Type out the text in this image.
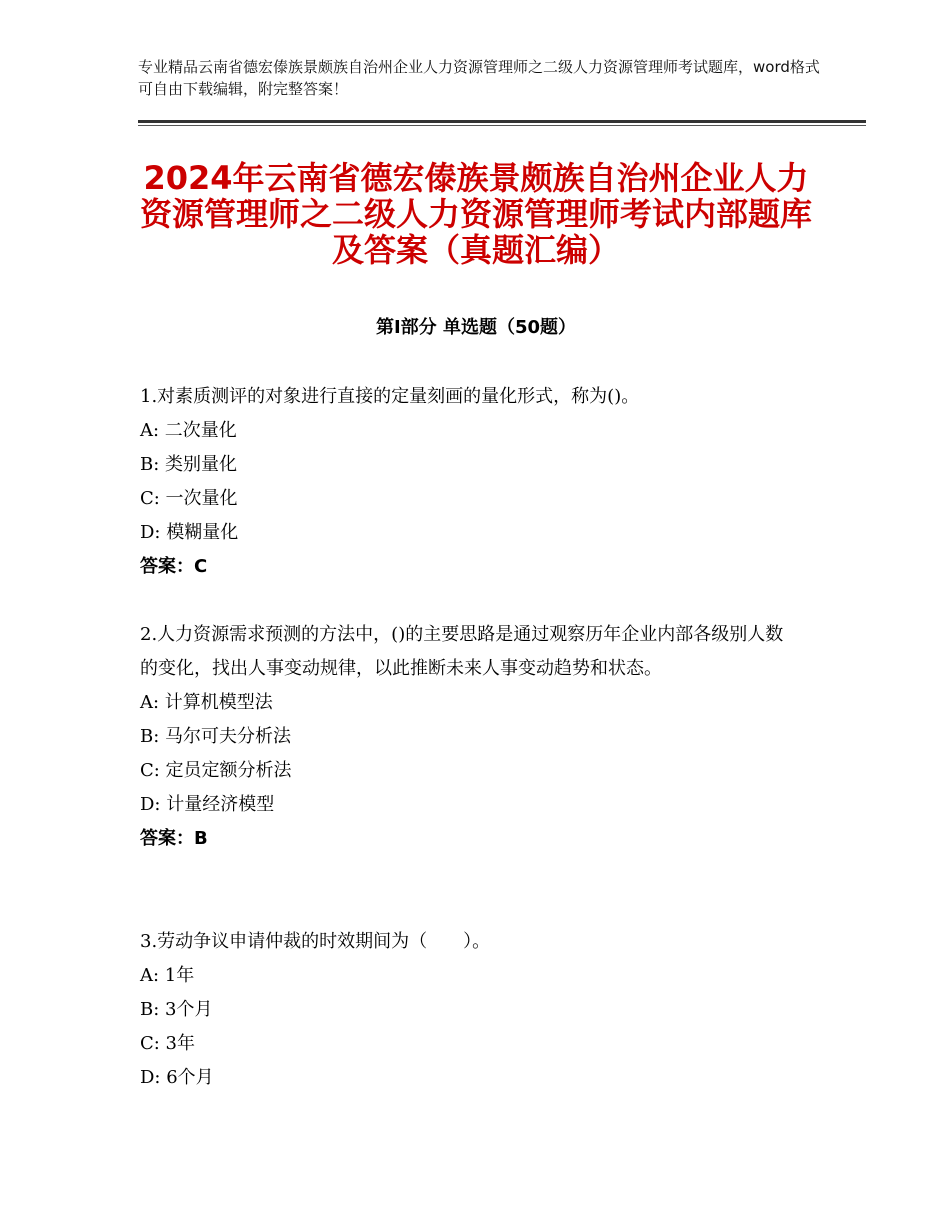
专业精品云南省德宏傣族景颇族自治州企业人力资源管理师之二级人力资源管理师考试题库，word格式可自由下载编辑，附完整答案！
2024年云南省德宏傣族景颇族自治州企业人力资源管理师之二级人力资源管理师考试内部题库及答案（真题汇编）
第Ⅰ部分 单选题（50题）

1.对素质测评的对象进行直接的定量刻画的量化形式，称为()。

A: 二次量化

B: 类别量化

C: 一次量化

D: 模糊量化

答案：C

2.人力资源需求预测的方法中，()的主要思路是通过观察历年企业内部各级别人数的变化，找出人事变动规律，以此推断未来人事变动趋势和状态。

A: 计算机模型法

B: 马尔可夫分析法

C: 定员定额分析法

D: 计量经济模型

答案：B

3.劳动争议申请仲裁的时效期间为（　　）。

A: 1年

B: 3个月

C: 3年

D: 6个月
